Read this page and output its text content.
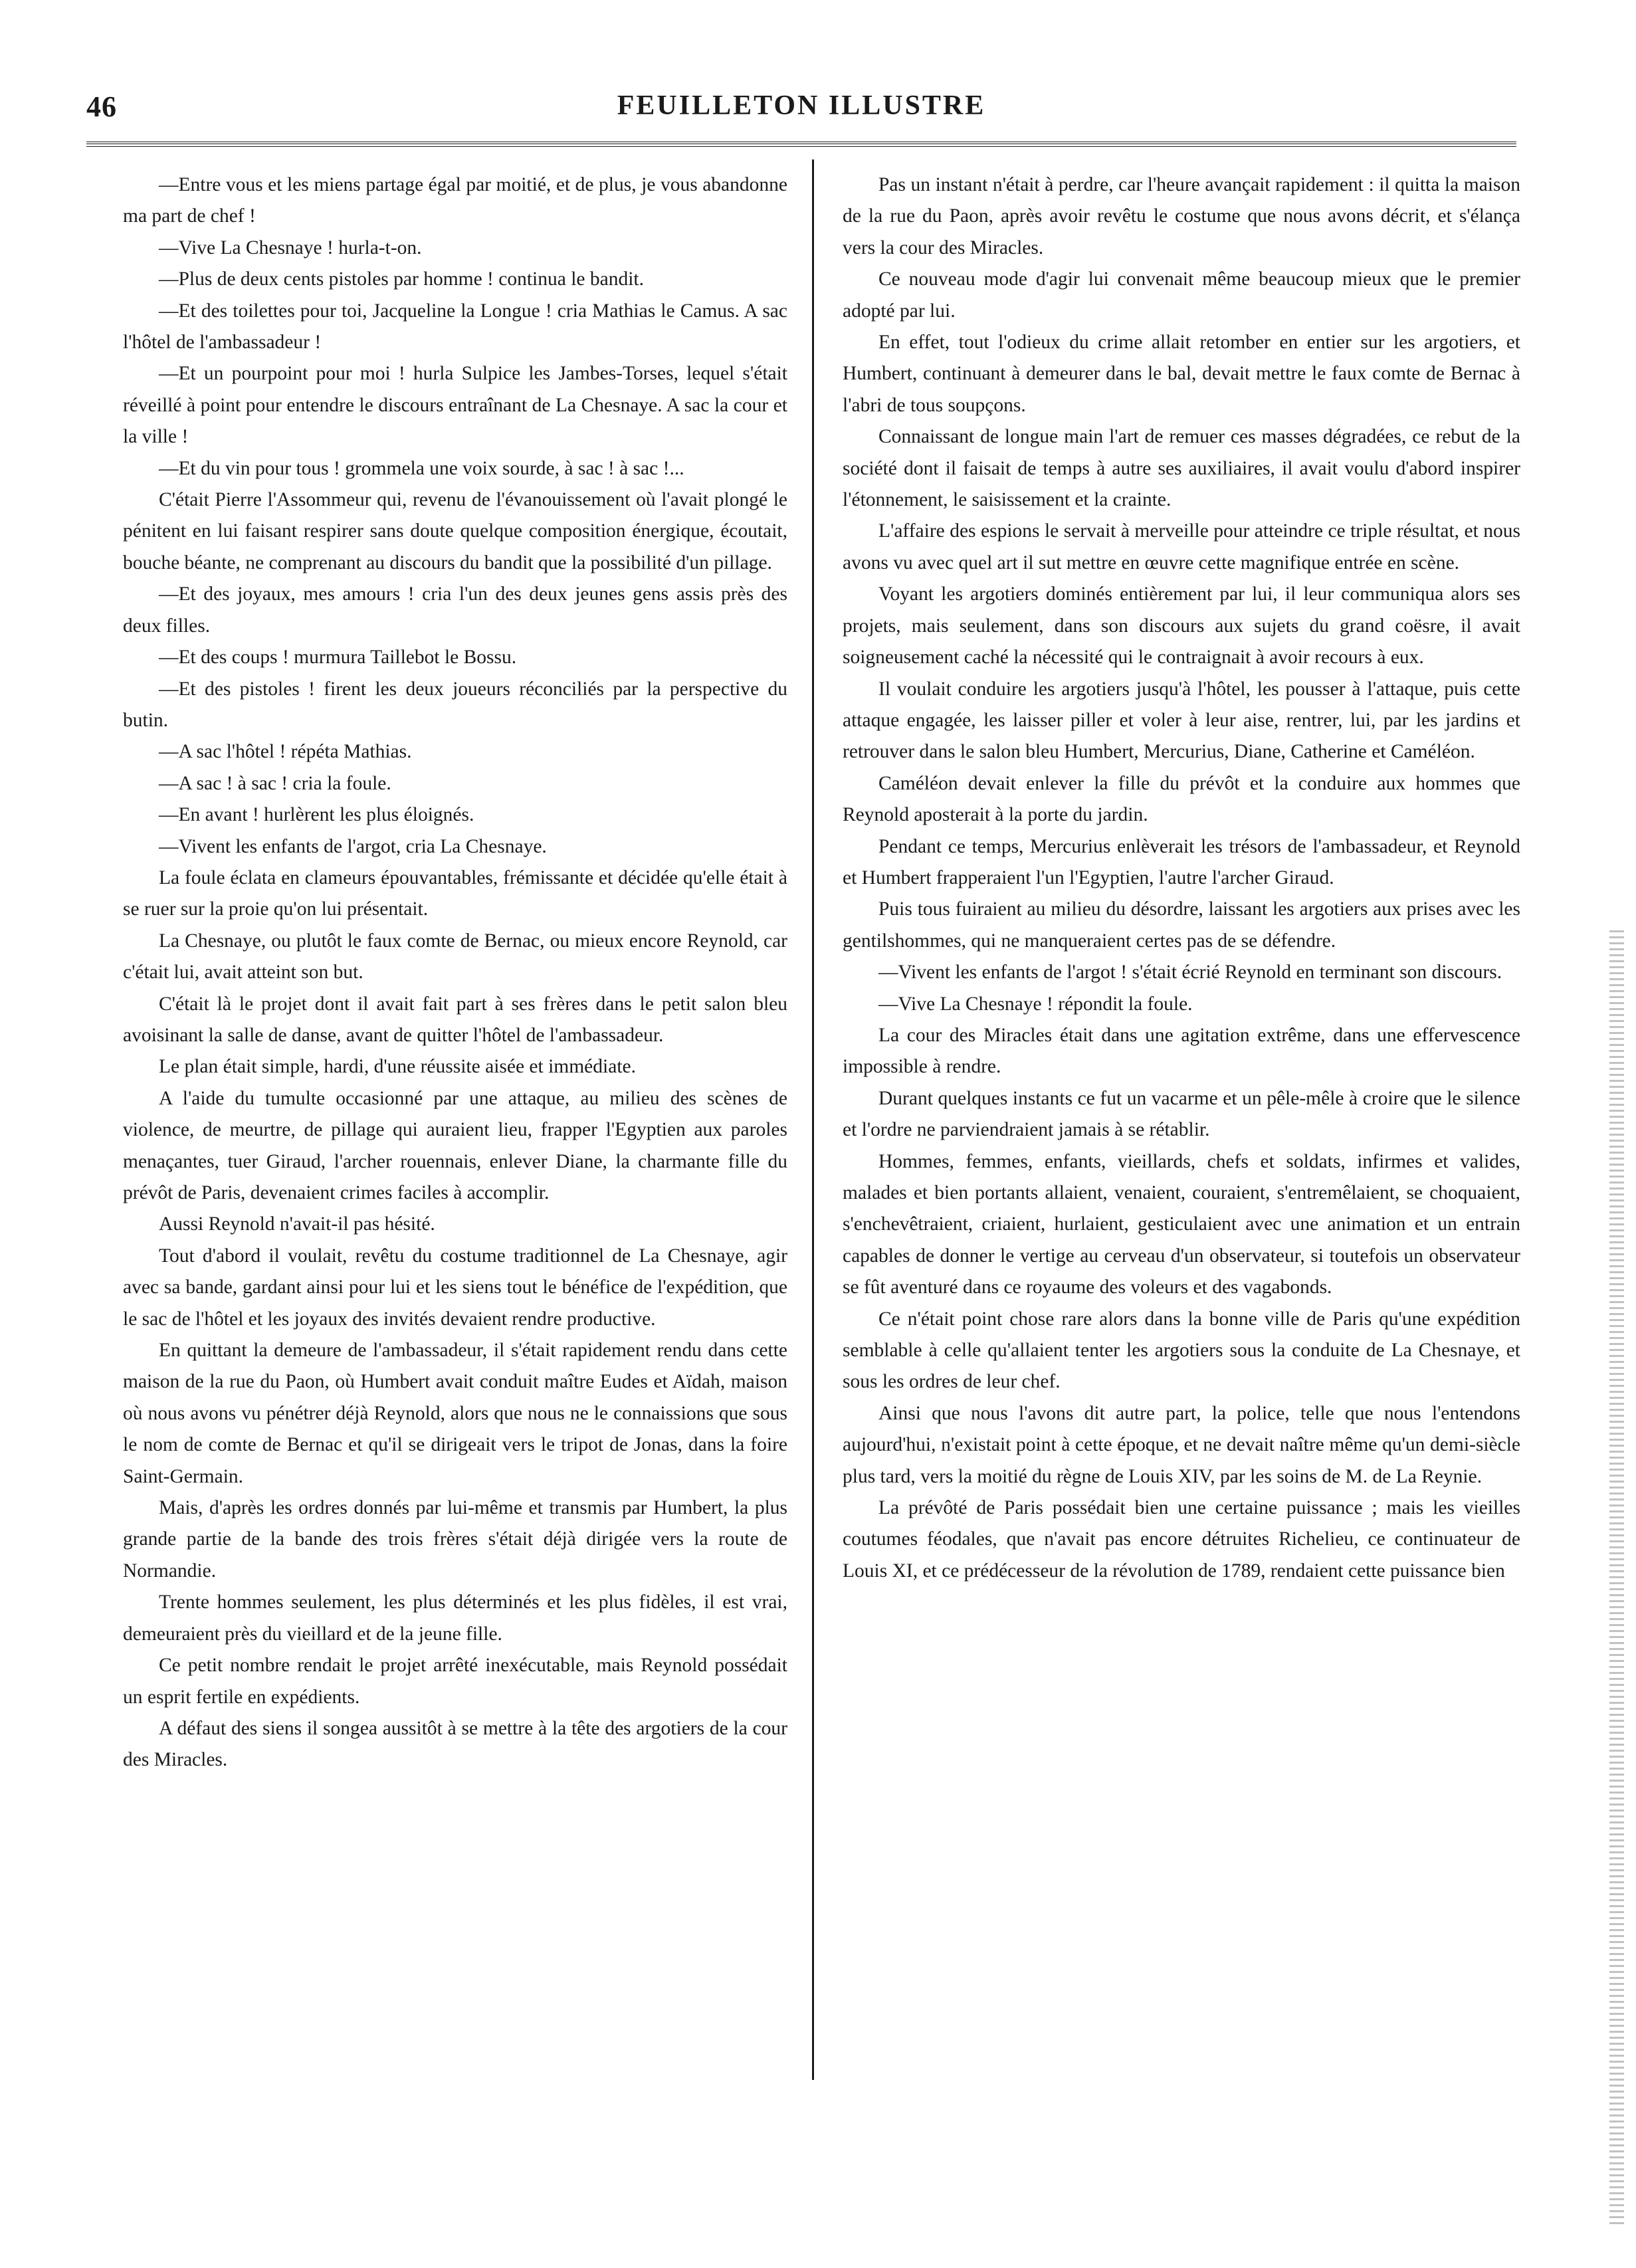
46	FEUILLETON ILLUSTRE

—Entre vous et les miens partage égal par moitié, et de plus, je vous abandonne ma part de chef !

—Vive La Chesnaye ! hurla-t-on.

—Plus de deux cents pistoles par homme ! continua le bandit.

—Et des toilettes pour toi, Jacqueline la Longue ! cria Mathias le Camus. A sac l'hôtel de l'ambassadeur !

—Et un pourpoint pour moi ! hurla Sulpice les Jambes-Torses, lequel s'était réveillé à point pour entendre le discours entraînant de La Chesnaye. A sac la cour et la ville !

—Et du vin pour tous ! grommela une voix sourde, à sac ! à sac !...

C'était Pierre l'Assommeur qui, revenu de l'évanouissement où l'avait plongé le pénitent en lui faisant respirer sans doute quelque composition énergique, écoutait, bouche béante, ne comprenant au discours du bandit que la possibilité d'un pillage.

—Et des joyaux, mes amours ! cria l'un des deux jeunes gens assis près des deux filles.

—Et des coups ! murmura Taillebot le Bossu.

—Et des pistoles ! firent les deux joueurs réconciliés par la perspective du butin.

—A sac l'hôtel ! répéta Mathias.

—A sac ! à sac ! cria la foule.

—En avant ! hurlèrent les plus éloignés.

—Vivent les enfants de l'argot, cria La Chesnaye.

La foule éclata en clameurs épouvantables, frémissante et décidée qu'elle était à se ruer sur la proie qu'on lui présentait.

La Chesnaye, ou plutôt le faux comte de Bernac, ou mieux encore Reynold, car c'était lui, avait atteint son but.

C'était là le projet dont il avait fait part à ses frères dans le petit salon bleu avoisinant la salle de danse, avant de quitter l'hôtel de l'ambassadeur.

Le plan était simple, hardi, d'une réussite aisée et immédiate.

A l'aide du tumulte occasionné par une attaque, au milieu des scènes de violence, de meurtre, de pillage qui auraient lieu, frapper l'Egyptien aux paroles menaçantes, tuer Giraud, l'archer rouennais, enlever Diane, la charmante fille du prévôt de Paris, devenaient crimes faciles à accomplir.

Aussi Reynold n'avait-il pas hésité.

Tout d'abord il voulait, revêtu du costume traditionnel de La Chesnaye, agir avec sa bande, gardant ainsi pour lui et les siens tout le bénéfice de l'expédition, que le sac de l'hôtel et les joyaux des invités devaient rendre productive.

En quittant la demeure de l'ambassadeur, il s'était rapidement rendu dans cette maison de la rue du Paon, où Humbert avait conduit maître Eudes et Aïdah, maison où nous avons vu pénétrer déjà Reynold, alors que nous ne le connaissions que sous le nom de comte de Bernac et qu'il se dirigeait vers le tripot de Jonas, dans la foire Saint-Germain.

Mais, d'après les ordres donnés par lui-même et transmis par Humbert, la plus grande partie de la bande des trois frères s'était déjà dirigée vers la route de Normandie.

Trente hommes seulement, les plus déterminés et les plus fidèles, il est vrai, demeuraient près du vieillard et de la jeune fille.

Ce petit nombre rendait le projet arrêté inexécutable, mais Reynold possédait un esprit fertile en expédients.

A défaut des siens il songea aussitôt à se mettre à la tête des argotiers de la cour des Miracles.

Pas un instant n'était à perdre, car l'heure avançait rapidement : il quitta la maison de la rue du Paon, après avoir revêtu le costume que nous avons décrit, et s'élança vers la cour des Miracles.

Ce nouveau mode d'agir lui convenait même beaucoup mieux que le premier adopté par lui.

En effet, tout l'odieux du crime allait retomber en entier sur les argotiers, et Humbert, continuant à demeurer dans le bal, devait mettre le faux comte de Bernac à l'abri de tous soupçons.

Connaissant de longue main l'art de remuer ces masses dégradées, ce rebut de la société dont il faisait de temps à autre ses auxiliaires, il avait voulu d'abord inspirer l'étonnement, le saisissement et la crainte.

L'affaire des espions le servait à merveille pour atteindre ce triple résultat, et nous avons vu avec quel art il sut mettre en œuvre cette magnifique entrée en scène.

Voyant les argotiers dominés entièrement par lui, il leur communiqua alors ses projets, mais seulement, dans son discours aux sujets du grand coësre, il avait soigneusement caché la nécessité qui le contraignait à avoir recours à eux.

Il voulait conduire les argotiers jusqu'à l'hôtel, les pousser à l'attaque, puis cette attaque engagée, les laisser piller et voler à leur aise, rentrer, lui, par les jardins et retrouver dans le salon bleu Humbert, Mercurius, Diane, Catherine et Caméléon.

Caméléon devait enlever la fille du prévôt et la conduire aux hommes que Reynold aposterait à la porte du jardin.

Pendant ce temps, Mercurius enlèverait les trésors de l'ambassadeur, et Reynold et Humbert frapperaient l'un l'Egyptien, l'autre l'archer Giraud.

Puis tous fuiraient au milieu du désordre, laissant les argotiers aux prises avec les gentilshommes, qui ne manqueraient certes pas de se défendre.

—Vivent les enfants de l'argot ! s'était écrié Reynold en terminant son discours.

—Vive La Chesnaye ! répondit la foule.

La cour des Miracles était dans une agitation extrême, dans une effervescence impossible à rendre.

Durant quelques instants ce fut un vacarme et un pêle-mêle à croire que le silence et l'ordre ne parviendraient jamais à se rétablir.

Hommes, femmes, enfants, vieillards, chefs et soldats, infirmes et valides, malades et bien portants allaient, venaient, couraient, s'entremêlaient, se choquaient, s'enchevêtraient, criaient, hurlaient, gesticulaient avec une animation et un entrain capables de donner le vertige au cerveau d'un observateur, si toutefois un observateur se fût aventuré dans ce royaume des voleurs et des vagabonds.

Ce n'était point chose rare alors dans la bonne ville de Paris qu'une expédition semblable à celle qu'allaient tenter les argotiers sous la conduite de La Chesnaye, et sous les ordres de leur chef.

Ainsi que nous l'avons dit autre part, la police, telle que nous l'entendons aujourd'hui, n'existait point à cette époque, et ne devait naître même qu'un demi-siècle plus tard, vers la moitié du règne de Louis XIV, par les soins de M. de La Reynie.

La prévôté de Paris possédait bien une certaine puissance ; mais les vieilles coutumes féodales, que n'avait pas encore détruites Richelieu, ce continuateur de Louis XI, et ce prédécesseur de la révolution de 1789, rendaient cette puissance bien
